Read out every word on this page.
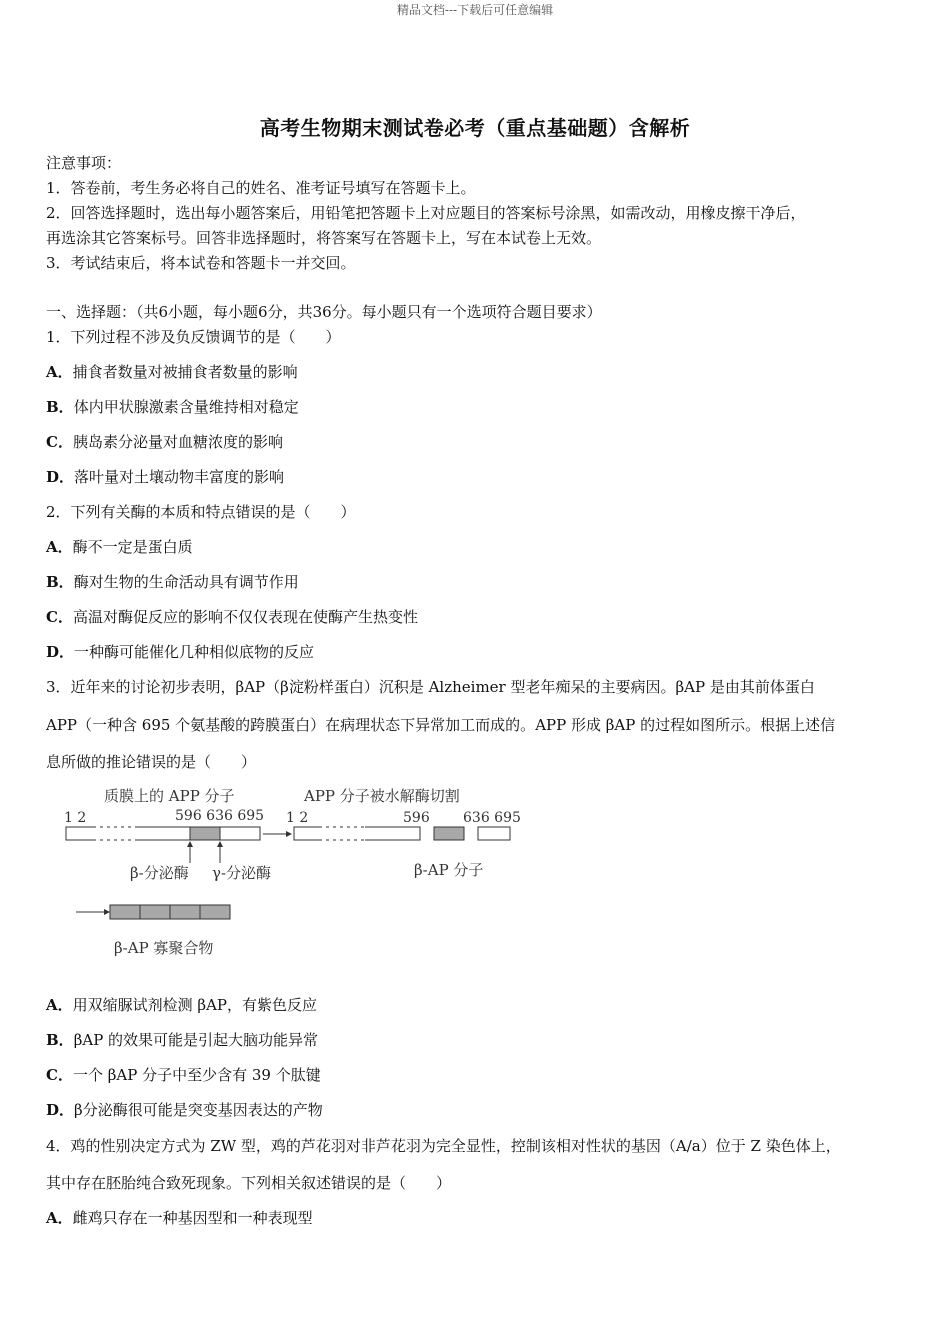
精品文档---下载后可任意编辑
高考生物期末测试卷必考（重点基础题）含解析
注意事项：
1．答卷前，考生务必将自己的姓名、准考证号填写在答题卡上。
2．回答选择题时，选出每小题答案后，用铅笔把答题卡上对应题目的答案标号涂黑，如需改动，用橡皮擦干净后，
再选涂其它答案标号。回答非选择题时，将答案写在答题卡上，写在本试卷上无效。
3．考试结束后，将本试卷和答题卡一并交回。
一、选择题：（共6小题，每小题6分，共36分。每小题只有一个选项符合题目要求）
1．下列过程不涉及负反馈调节的是（　　）
A．捕食者数量对被捕食者数量的影响
B．体内甲状腺激素含量维持相对稳定
C．胰岛素分泌量对血糖浓度的影响
D．落叶量对土壤动物丰富度的影响
2．下列有关酶的本质和特点错误的是（　　）
A．酶不一定是蛋白质
B．酶对生物的生命活动具有调节作用
C．高温对酶促反应的影响不仅仅表现在使酶产生热变性
D．一种酶可能催化几种相似底物的反应
3．近年来的讨论初步表明，βAP（β淀粉样蛋白）沉积是 Alzheimer 型老年痴呆的主要病因。βAP 是由其前体蛋白
APP（一种含 695 个氨基酸的跨膜蛋白）在病理状态下异常加工而成的。APP 形成 βAP 的过程如图所示。根据上述信
息所做的推论错误的是（　　）
质膜上的 APP 分子	APP 分子被水解酶切割
1 2	596 636 695 1 2	596 636 695
β-分泌酶 γ-分泌酶	β-AP 分子
β-AP 寡聚合物
A．用双缩脲试剂检测 βAP，有紫色反应
B．βAP 的效果可能是引起大脑功能异常
C．一个 βAP 分子中至少含有 39 个肽键
D．β分泌酶很可能是突变基因表达的产物
4．鸡的性别决定方式为 ZW 型，鸡的芦花羽对非芦花羽为完全显性，控制该相对性状的基因（A/a）位于 Z 染色体上，
其中存在胚胎纯合致死现象。下列相关叙述错误的是（　　）
A．雌鸡只存在一种基因型和一种表现型
